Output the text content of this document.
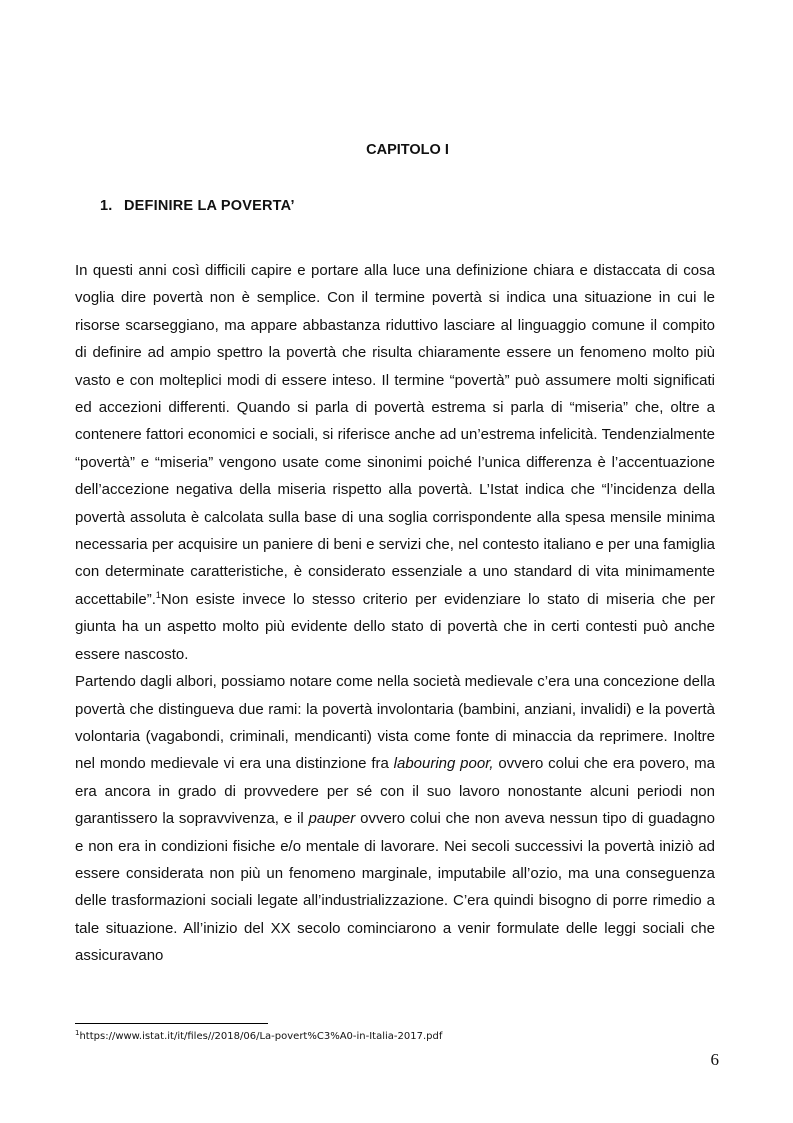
CAPITOLO I
1. DEFINIRE LA POVERTA’

In questi anni così difficili capire e portare alla luce una definizione chiara e distaccata di cosa voglia dire povertà non è semplice. Con il termine povertà si indica una situazione in cui le risorse scarseggiano, ma appare abbastanza riduttivo lasciare al linguaggio comune il compito di definire ad ampio spettro la povertà che risulta chiaramente essere un fenomeno molto più vasto e con molteplici modi di essere inteso. Il termine “povertà” può assumere molti significati ed accezioni differenti. Quando si parla di povertà estrema si parla di “miseria” che, oltre a contenere fattori economici e sociali, si riferisce anche ad un’estrema infelicità. Tendenzialmente “povertà” e “miseria” vengono usate come sinonimi poiché l’unica differenza è l’accentuazione dell’accezione negativa della miseria rispetto alla povertà. L’Istat indica che “l’incidenza della povertà assoluta è calcolata sulla base di una soglia corrispondente alla spesa mensile minima necessaria per acquisire un paniere di beni e servizi che, nel contesto italiano e per una famiglia con determinate caratteristiche, è considerato essenziale a uno standard di vita minimamente accettabile”.$^1$Non esiste invece lo stesso criterio per evidenziare lo stato di miseria che per giunta ha un aspetto molto più evidente dello stato di povertà che in certi contesti può anche essere nascosto.

Partendo dagli albori, possiamo notare come nella società medievale c’era una concezione della povertà che distingueva due rami: la povertà involontaria (bambini, anziani, invalidi) e la povertà volontaria (vagabondi, criminali, mendicanti) vista come fonte di minaccia da reprimere. Inoltre nel mondo medievale vi era una distinzione fra labouring poor, ovvero colui che era povero, ma era ancora in grado di provvedere per sé con il suo lavoro nonostante alcuni periodi non garantissero la sopravvivenza, e il pauper ovvero colui che non aveva nessun tipo di guadagno e non era in condizioni fisiche e/o mentale di lavorare. Nei secoli successivi la povertà iniziò ad essere considerata non più un fenomeno marginale, imputabile all’ozio, ma una conseguenza delle trasformazioni sociali legate all’industrializzazione. C’era quindi bisogno di porre rimedio a tale situazione. All’inizio del XX secolo cominciarono a venir formulate delle leggi sociali che assicuravano

$^1$https://www.istat.it/it/files//2018/06/La-povert%C3%A0-in-Italia-2017.pdf
6
